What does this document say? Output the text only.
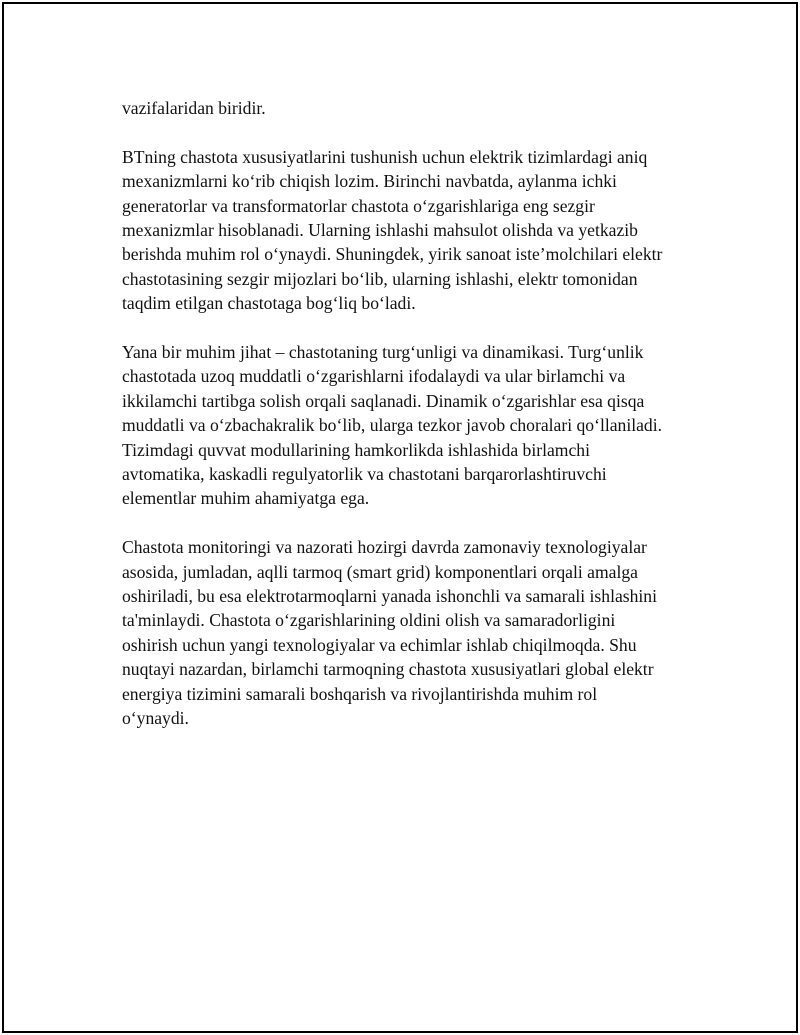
vazifalaridan biridir.

BTning chastota xususiyatlarini tushunish uchun elektrik tizimlardagi aniq
mexanizmlarni ko‘rib chiqish lozim. Birinchi navbatda, aylanma ichki
generatorlar va transformatorlar chastota o‘zgarishlariga eng sezgir
mexanizmlar hisoblanadi. Ularning ishlashi mahsulot olishda va yetkazib
berishda muhim rol o‘ynaydi. Shuningdek, yirik sanoat iste’molchilari elektr
chastotasining sezgir mijozlari bo‘lib, ularning ishlashi, elektr tomonidan
taqdim etilgan chastotaga bog‘liq bo‘ladi.

Yana bir muhim jihat – chastotaning turg‘unligi va dinamikasi. Turg‘unlik
chastotada uzoq muddatli o‘zgarishlarni ifodalaydi va ular birlamchi va
ikkilamchi tartibga solish orqali saqlanadi. Dinamik o‘zgarishlar esa qisqa
muddatli va o‘zbachakralik bo‘lib, ularga tezkor javob choralari qo‘llaniladi.
Tizimdagi quvvat modullarining hamkorlikda ishlashida birlamchi
avtomatika, kaskadli regulyatorlik va chastotani barqarorlashtiruvchi
elementlar muhim ahamiyatga ega.

Chastota monitoringi va nazorati hozirgi davrda zamonaviy texnologiyalar
asosida, jumladan, aqlli tarmoq (smart grid) komponentlari orqali amalga
oshiriladi, bu esa elektrotarmoqlarni yanada ishonchli va samarali ishlashini
ta'minlaydi. Chastota o‘zgarishlarining oldini olish va samaradorligini
oshirish uchun yangi texnologiyalar va echimlar ishlab chiqilmoqda. Shu
nuqtayi nazardan, birlamchi tarmoqning chastota xususiyatlari global elektr
energiya tizimini samarali boshqarish va rivojlantirishda muhim rol
o‘ynaydi.
